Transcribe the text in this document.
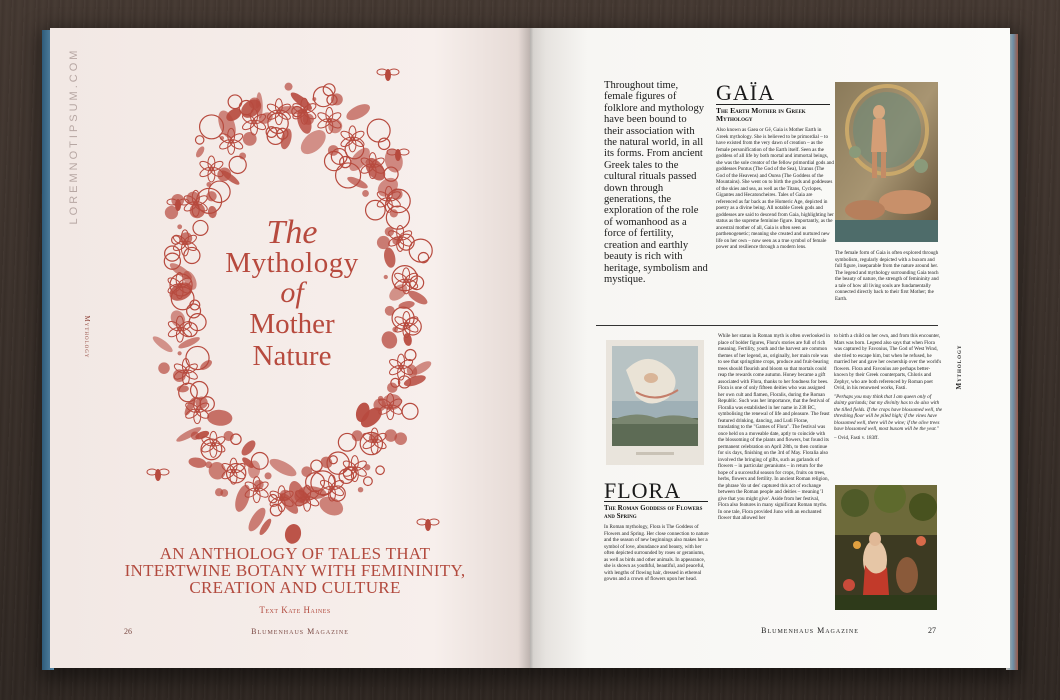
LOREMNOTIPSUM.COM
Mythology
The
Mythology
of
Mother
Nature
AN ANTHOLOGY OF TALES THAT
INTERTWINE BOTANY WITH FEMININITY,
CREATION AND CULTURE
Text Kate Haines
26	Blumenhaus Magazine
Throughout time, female figures of folklore and mythology have been bound to their association with the natural world, in all its forms. From ancient Greek tales to the cultural rituals passed down through generations, the exploration of the role of womanhood as a force of fertility, creation and earthly beauty is rich with heritage, symbolism and mystique.
GAÏA
The Earth Mother in Greek Mythology
Also known as Gaea or Gē, Gaia is Mother Earth in Greek mythology. She is believed to be primordial – to have existed from the very dawn of creation – as the female personification of the Earth itself. Seen as the goddess of all life by both mortal and immortal beings, she was the sole creator of the fellow primordial gods and goddesses Pontus (The God of the Sea), Uranus (The God of the Heavens) and Ourea (The Goddess of the Mountains). She went on to birth the gods and goddesses of the skies and sea, as well as the Titans, Cyclopes, Gigantes and Hecatoncheires. Tales of Gaia are referenced as far back as the Homeric Age, depicted in poetry as a divine being. All notable Greek gods and goddesses are said to descend from Gaia, highlighting her status as the supreme feminine figure. Importantly, as the ancestral mother of all, Gaia is often seen as parthenogenetic; meaning she created and nurtured new life on her own – now seen as a true symbol of female power and resilience through a modern lens.
The female form of Gaia is often explored through symbolism, regularly depicted with a buxom and full figure, inseparable from the nature around her. The legend and mythology surrounding Gaia teach the beauty of nature, the strength of femininity and a tale of how all living souls are fundamentally connected directly back to their first Mother; the Earth.
Mythology
FLORA
The Roman Goddess of Flowers and Spring
In Roman mythology, Flora is The Goddess of Flowers and Spring. Her close connection to nature and the season of new beginnings also makes her a symbol of love, abundance and beauty, with her often depicted surrounded by roses or geraniums, as well as birds and other animals. In appearance, she is shown as youthful, beautiful, and peaceful, with lengths of flowing hair, dressed in ethereal gowns and a crown of flowers upon her head.
While her status in Roman myth is often overlooked in place of bolder figures, Flora's stories are full of rich meaning. Fertility, youth and the harvest are common themes of her legend, as, originally, her main role was to see that springtime crops, produce and fruit-bearing trees should flourish and bloom so that mortals could reap the rewards come autumn. Honey became a gift associated with Flora, thanks to her fondness for bees. Flora is one of only fifteen deities who was assigned her own cult and flamen, Floralis, during the Roman Republic. Such was her importance, that the festival of Floralia was established in her name in 238 BC, symbolising the renewal of life and pleasure. The feast featured drinking, dancing, and Ludi Florae, translating to the "Games of Flora". The festival was once held on a moveable date, aptly to coincide with the blossoming of the plants and flowers, but found its permanent celebration on April 28th, to then continue for six days, finishing on the 3rd of May. Floralia also involved the bringing of gifts, such as garlands of flowers – in particular geraniums – in return for the hope of a successful season for crops, fruits on trees, herbs, flowers and fertility. In ancient Roman religion, the phrase 'do ut des' captured this act of exchange between the Roman people and deities – meaning 'I give that you might give'. Aside from her festival, Flora also features in many significant Roman myths. In one tale, Flora provided Juno with an enchanted flower that allowed her

to birth a child on her own, and from this encounter, Mars was born. Legend also says that when Flora was captured by Favonius, The God of West Wind, she tried to escape him, but when he refused, he married her and gave her ownership over the world's flowers. Flora and Favonius are perhaps better-known by their Greek counterparts, Chloris and Zephyr, who are both referenced by Roman poet Ovid, in his renowned works, Fasti.

"Perhaps you may think that I am queen only of dainty garlands; but my divinity has to do also with the tilled fields. If the crops have blossomed well, the threshing floor will be piled high; if the vines have blossomed well, there will be wine; if the olive trees have blossomed well, most buxom will be the year."

– Ovid, Fasti v. 183ff.

27
Blumenhaus Magazine
